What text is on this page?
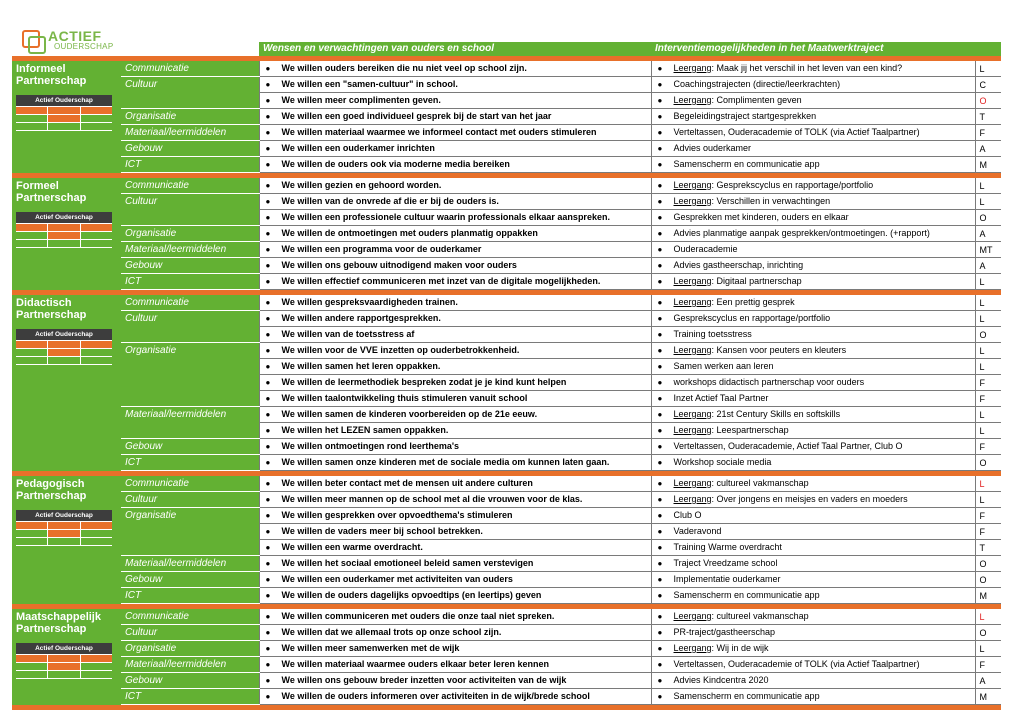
ACTIEF
OUDERSCHAP
			Wensen en verwachtingen van ouders en school	Interventiemogelijkheden in het Maatwerktraject	

Informeel Partnerschap
Actief Ouderschap	Communicatie	● We willen ouders bereiken die nu niet veel op school zijn.	● Leergang: Maak jij het verschil in het leven van een kind?	L
	Cultuur	● We willen een "samen-cultuur" in school.	● Coachingstrajecten (directie/leerkrachten)	C
		● We willen meer complimenten geven.	● Leergang: Complimenten geven	O
	Organisatie	● We willen een goed individueel gesprek bij de start van het jaar	● Begeleidingstraject startgesprekken	T
	Materiaal/leermiddelen	● We willen materiaal waarmee we informeel contact met ouders stimuleren	● Verteltassen, Ouderacademie of TOLK (via Actief Taalpartner)	F
	Gebouw	● We willen een ouderkamer inrichten	● Advies ouderkamer	A
	ICT	● We willen de ouders ook via moderne media bereiken	● Samenscherm en communicatie app	M

Formeel Partnerschap
Actief Ouderschap	Communicatie	● We willen gezien en gehoord worden.	● Leergang: Gesprekscyclus en rapportage/portfolio	L
	Cultuur	● We willen van de onvrede af die er bij de ouders is.	● Leergang: Verschillen in verwachtingen	L
		● We willen een professionele cultuur waarin professionals elkaar aanspreken.	● Gesprekken met kinderen, ouders en elkaar	O
	Organisatie	● We willen de ontmoetingen met ouders planmatig oppakken	● Advies planmatige aanpak gesprekken/ontmoetingen. (+rapport)	A
	Materiaal/leermiddelen	● We willen een programma voor de ouderkamer	● Ouderacademie	MT
	Gebouw	● We willen ons gebouw uitnodigend maken voor ouders	● Advies gastheerschap, inrichting	A
	ICT	● We willen effectief communiceren met inzet van de digitale mogelijkheden.	● Leergang: Digitaal partnerschap	L

Didactisch Partnerschap
Actief Ouderschap	Communicatie	● We willen gespreksvaardigheden trainen.	● Leergang: Een prettig gesprek	L
	Cultuur	● We willen andere rapportgesprekken.	● Gesprekscyclus en rapportage/portfolio	L
		● We willen van de toetsstress af	● Training toetsstress	O
	Organisatie	● We willen voor de VVE inzetten op ouderbetrokkenheid.	● Leergang: Kansen voor peuters en kleuters	L
		● We willen samen het leren oppakken.	● Samen werken aan leren	L
		● We willen de leermethodiek bespreken zodat je je kind kunt helpen	● workshops didactisch partnerschap voor ouders	F
		● We willen taalontwikkeling thuis stimuleren vanuit school	● Inzet Actief Taal Partner	F
	Materiaal/leermiddelen	● We willen samen de kinderen voorbereiden op de 21e eeuw.	● Leergang: 21st Century Skills en softskills	L
		● We willen het LEZEN samen oppakken.	● Leergang: Leespartnerschap	L
	Gebouw	● We willen ontmoetingen rond leerthema's	● Verteltassen, Ouderacademie, Actief Taal Partner, Club O	F
	ICT	● We willen samen onze kinderen met de sociale media om kunnen laten gaan.	● Workshop sociale media	O

Pedagogisch Partnerschap
Actief Ouderschap	Communicatie	● We willen beter contact met de mensen uit andere culturen	● Leergang: cultureel vakmanschap	L
	Cultuur	● We willen meer mannen op de school met al die vrouwen voor de klas.	● Leergang: Over jongens en meisjes en vaders en moeders	L
	Organisatie	● We willen gesprekken over opvoedthema's stimuleren	● Club O	F
		● We willen de vaders meer bij school betrekken.	● Vaderavond	F
		● We willen een warme overdracht.	● Training Warme overdracht	T
	Materiaal/leermiddelen	● We willen het sociaal emotioneel beleid samen verstevigen	● Traject Vreedzame school	O
	Gebouw	● We willen een ouderkamer met activiteiten van ouders	● Implementatie ouderkamer	O
	ICT	● We willen de ouders dagelijks opvoedtips (en leertips) geven	● Samenscherm en communicatie app	M

Maatschappelijk Partnerschap
Actief Ouderschap	Communicatie	● We willen communiceren met ouders die onze taal niet spreken.	● Leergang: cultureel vakmanschap	L
	Cultuur	● We willen dat we allemaal trots op onze school zijn.	● PR-traject/gastheerschap	O
	Organisatie	● We willen meer samenwerken met de wijk	● Leergang: Wij in de wijk	L
	Materiaal/leermiddelen	● We willen materiaal waarmee ouders elkaar beter leren kennen	● Verteltassen, Ouderacademie of TOLK (via Actief Taalpartner)	F
	Gebouw	● We willen ons gebouw breder inzetten voor activiteiten van de wijk	● Advies Kindcentra 2020	A
	ICT	● We willen de ouders informeren over activiteiten in de wijk/brede school	● Samenscherm en communicatie app	M
